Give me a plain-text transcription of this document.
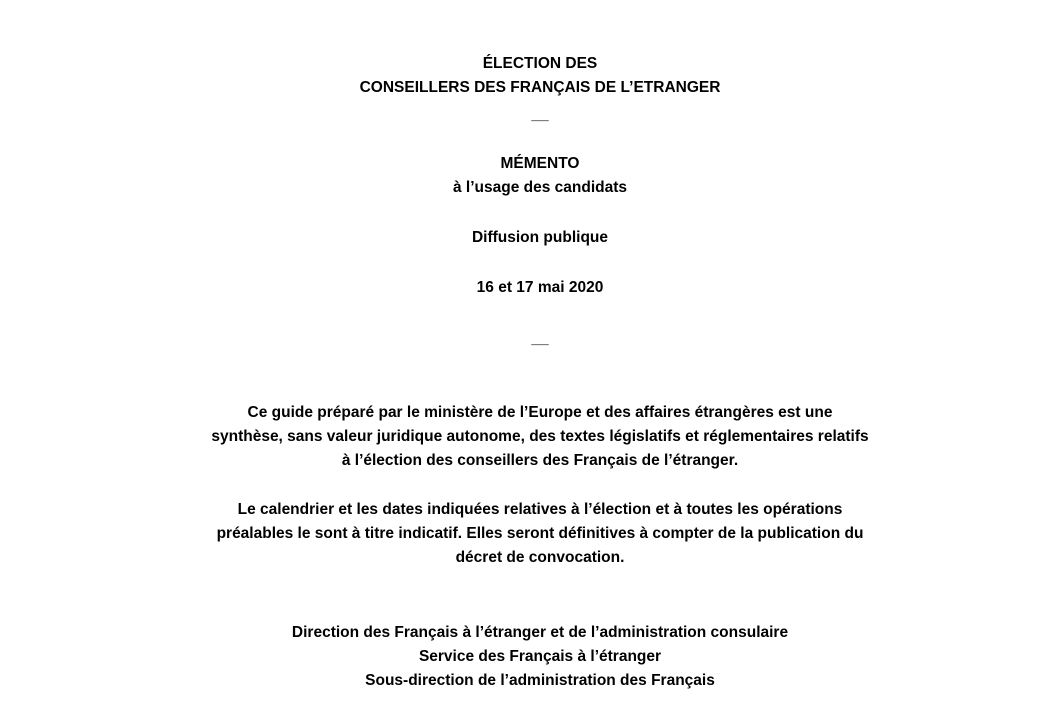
ÉLECTION DES
CONSEILLERS DES FRANÇAIS DE L’ETRANGER
__
MÉMENTO
à l’usage des candidats
Diffusion publique
16 et 17 mai 2020
__
Ce guide préparé par le ministère de l’Europe et des affaires étrangères est une
synthèse, sans valeur juridique autonome, des textes législatifs et réglementaires relatifs
à l’élection des conseillers des Français de l’étranger.
Le calendrier et les dates indiquées relatives à l’élection et à toutes les opérations
préalables le sont à titre indicatif. Elles seront définitives à compter de la publication du
décret de convocation.
Direction des Français à l’étranger et de l’administration consulaire
Service des Français à l’étranger
Sous-direction de l’administration des Français
